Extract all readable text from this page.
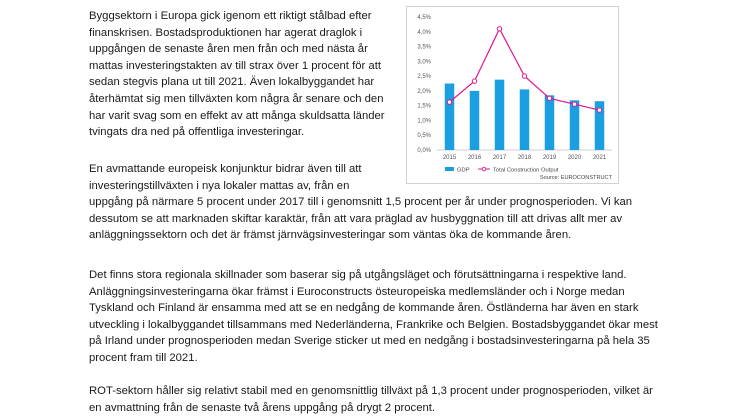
Byggsektorn i Europa gick igenom ett riktigt stålbad efter finanskrisen. Bostadsproduktionen har agerat draglok i uppgången de senaste åren men från och med nästa år mattas investeringstakten av till strax över 1 procent för att sedan stegvis plana ut till 2021. Även lokalbyggandet har återhämtat sig men tillväxten kom några år senare och den har varit svag som en effekt av att många skuldsatta länder tvingats dra ned på offentliga investeringar.

En avmattande europeisk konjunktur bidrar även till att investeringstillväxten i nya lokaler mattas av, från en

uppgång på närmare 5 procent under 2017 till i genomsnitt 1,5 procent per år under prognosperioden. Vi kan dessutom se att marknaden skiftar karaktär, från att vara präglad av husbyggnation till att drivas allt mer av anläggningssektorn och det är främst järnvägsinvesteringar som väntas öka de kommande åren.

Det finns stora regionala skillnader som baserar sig på utgångsläget och förutsättningarna i respektive land. Anläggningsinvesteringarna ökar främst i Euroconstructs östeuropeiska medlemsländer och i Norge medan Tyskland och Finland är ensamma med att se en nedgång de kommande åren. Östländerna har även en stark utveckling i lokalbyggandet tillsammans med Nederländerna, Frankrike och Belgien. Bostadsbyggandet ökar mest på Irland under prognosperioden medan Sverige sticker ut med en nedgång i bostadsinvesteringarna på hela 35 procent fram till 2021.

ROT-sektorn håller sig relativt stabil med en genomsnittlig tillväxt på 1,3 procent under prognosperioden, vilket är en avmattning från de senaste två årens uppgång på drygt 2 procent.

0,0%
0,5%
1,0%
1,5%
2,0%
2,5%
3,0%
3,5%
4,0%
4,5%
2015 2016 2017 2018 2019 2020 2021
GDP	Total Construction Output
Source: EUROCONSTRUCT
